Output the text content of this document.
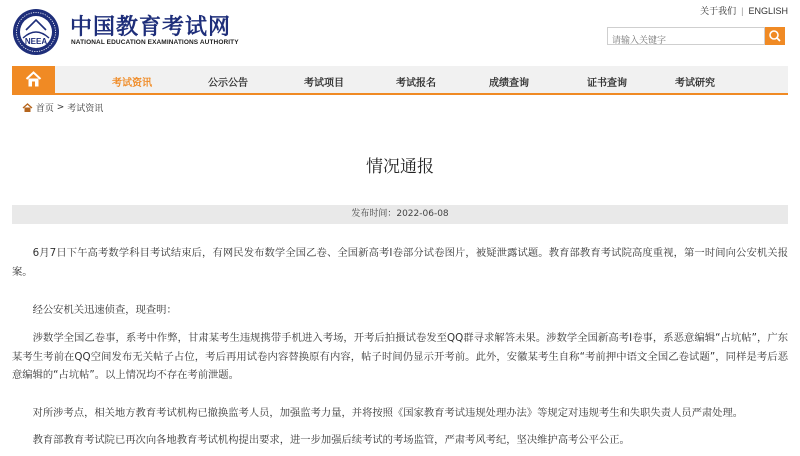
NEEA
中国教育考试网
NATIONAL EDUCATION EXAMINATIONS AUTHORITY
关于我们 | ENGLISH
请输入关键字
考试资讯	公示公告	考试项目	考试报名	成绩查询	证书查询	考试研究
首页 > 考试资讯
情况通报
发布时间：2022-06-08

6月7日下午高考数学科目考试结束后，有网民发布数学全国乙卷、全国新高考Ⅰ卷部分试卷图片，被疑泄露试题。教育部教育考试院高度重视，第一时间向公安机关报案。

经公安机关迅速侦查，现查明：

涉数学全国乙卷事，系考中作弊，甘肃某考生违规携带手机进入考场，开考后拍摄试卷发至QQ群寻求解答未果。涉数学全国新高考Ⅰ卷事，系恶意编辑“占坑帖”，广东某考生考前在QQ空间发布无关帖子占位，考后再用试卷内容替换原有内容，帖子时间仍显示开考前。此外，安徽某考生自称“考前押中语文全国乙卷试题”，同样是考后恶意编辑的“占坑帖”。以上情况均不存在考前泄题。

对所涉考点，相关地方教育考试机构已撤换监考人员，加强监考力量，并将按照《国家教育考试违规处理办法》等规定对违规考生和失职失责人员严肃处理。

教育部教育考试院已再次向各地教育考试机构提出要求，进一步加强后续考试的考场监管，严肃考风考纪，坚决维护高考公平公正。
